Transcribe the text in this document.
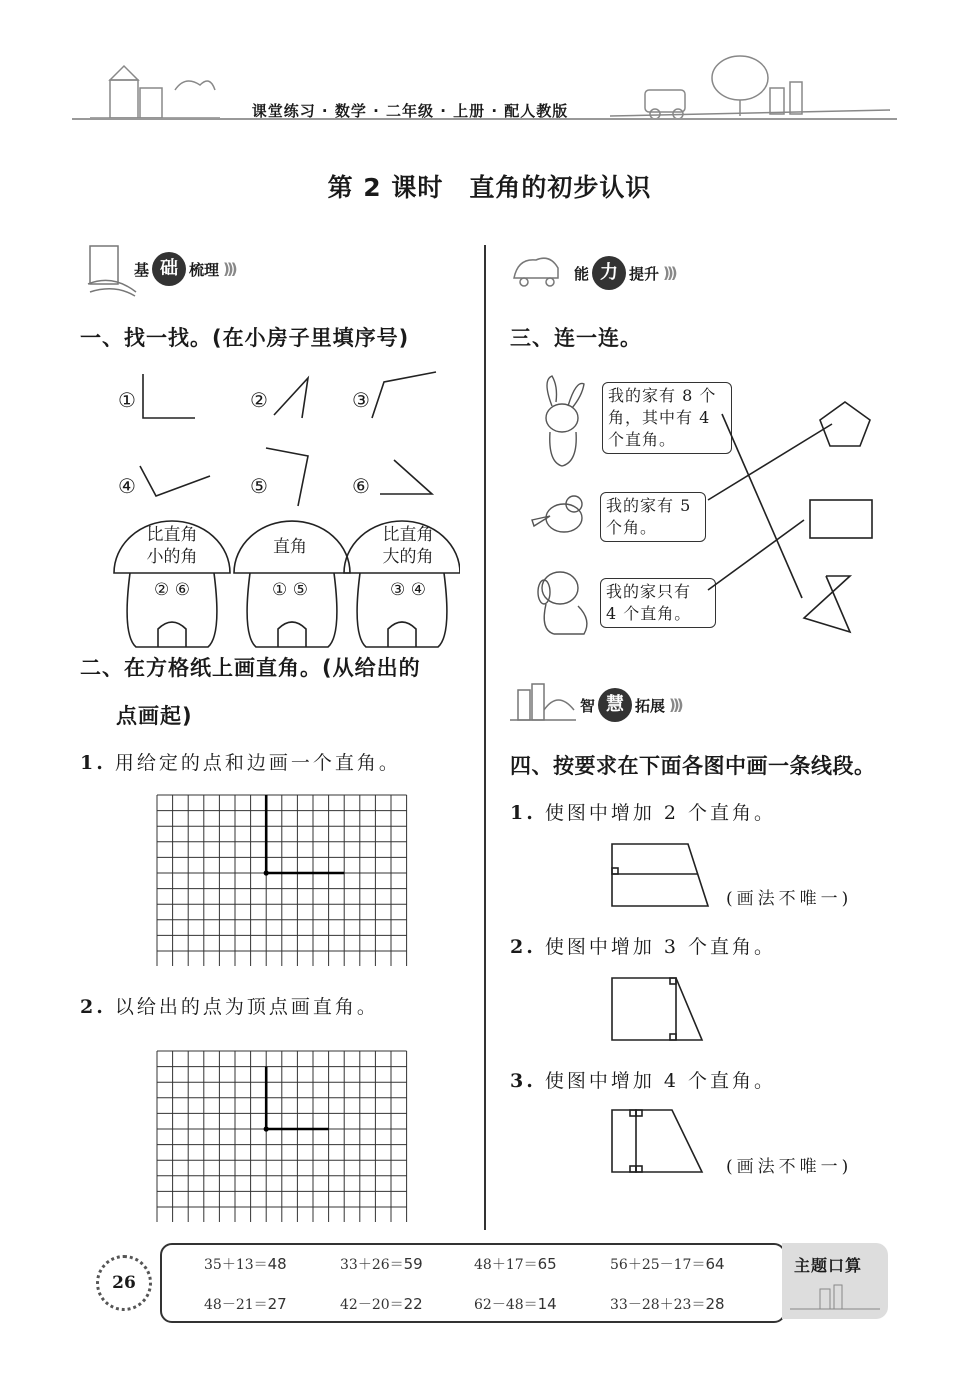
课堂练习 · 数学 · 二年级 · 上册 · 配人教版
第 2 课时　直角的初步认识
基 础 梳理 )))
一、找一找。(在小房子里填序号)
①	②	③
④	⑤	⑥
比直角
小的角	直角
比直角
大的角
② ⑥	① ⑤	③ ④
二、在方格纸上画直角。(从给出的
点画起)
1. 用给定的点和边画一个直角。
2. 以给出的点为顶点画直角。
能 力 提升 )))
三、连一连。
我的家有 8 个
角，其中有 4
个直角。
我的家有 5
个角。
我的家只有
4 个直角。
智 慧 拓展 )))
四、按要求在下面各图中画一条线段。
1. 使图中增加 2 个直角。
(画法不唯一)
2. 使图中增加 3 个直角。
3. 使图中增加 4 个直角。
(画法不唯一)
26
主题口算
35＋13＝48	33＋26＝59	48＋17＝65	56＋25－17＝64
48－21＝27	42－20＝22	62－48＝14	33－28＋23＝28
